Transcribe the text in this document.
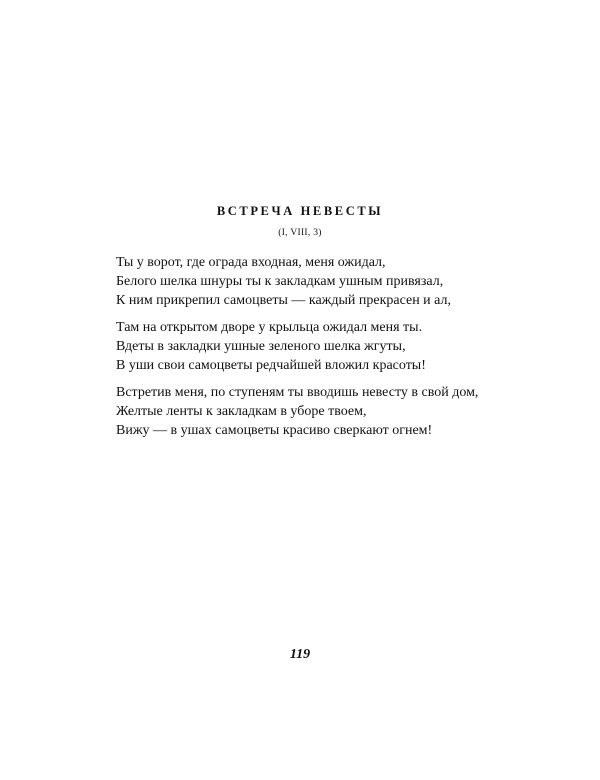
ВСТРЕЧА НЕВЕСТЫ
(I, VIII, 3)
Ты у ворот, где ограда входная, меня ожидал,
Белого шелка шнуры ты к закладкам ушным привязал,
К ним прикрепил самоцветы — каждый прекрасен и ал,
Там на открытом дворе у крыльца ожидал меня ты.
Вдеты в закладки ушные зеленого шелка жгуты,
В уши свои самоцветы редчайшей вложил красоты!
Встретив меня, по ступеням ты вводишь невесту в свой дом,
Желтые ленты к закладкам в уборе твоем,
Вижу — в ушах самоцветы красиво сверкают огнем!
119
